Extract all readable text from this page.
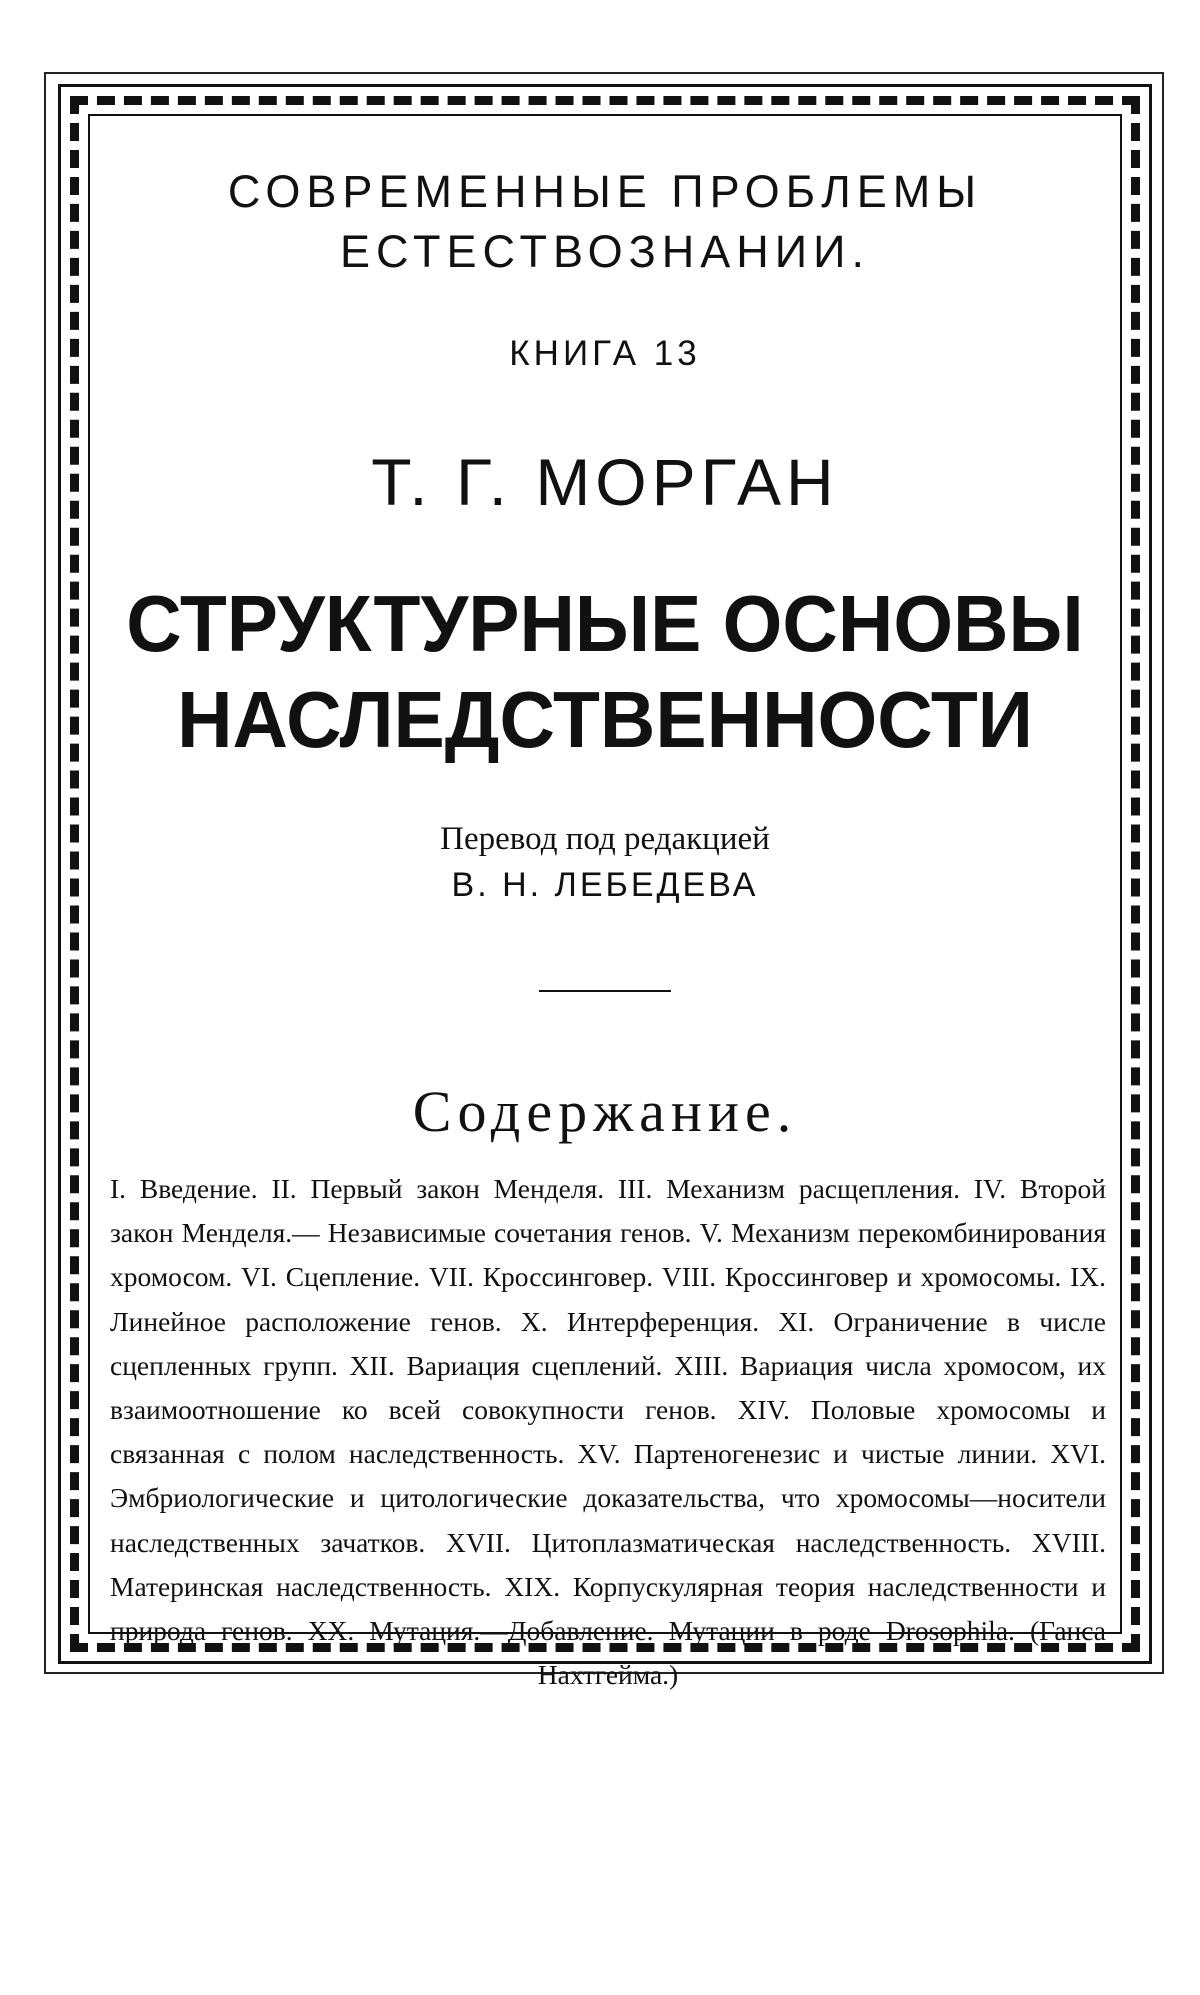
СОВРЕМЕННЫЕ ПРОБЛЕМЫ
ЕСТЕСТВОЗНАНИИ.
КНИГА 13
Т. Г. МОРГАН
СТРУКТУРНЫЕ ОСНОВЫ
НАСЛЕДСТВЕННОСТИ
Перевод под редакцией
В. Н. ЛЕБЕДЕВА
Содержание.
I. Введение. II. Первый закон Менделя. III. Механизм расщепления. IV. Второй закон Менделя.— Независимые сочетания генов. V. Механизм перекомбинирования хромосом. VI. Сцепление. VII. Кроссинговер. VIII. Кроссинговер и хромосомы. IX. Линейное расположение генов. X. Интерференция. XI. Ограничение в числе сцепленных групп. XII. Вариация сцеплений. XIII. Вариация числа хромосом, их взаимоотношение ко всей совокупности генов. XIV. Половые хромосомы и связанная с полом наследственность. XV. Партеногенезис и чистые линии. XVI. Эмбриологические и цитологические доказательства, что хромосомы—носители наследственных зачатков. XVII. Цитоплазматическая наследственность. XVIII. Материнская наследственность. XIX. Корпускулярная теория наследственности и природа генов. XX. Мутация.—Добавление. Мутации в роде Drosophila. (Ганса Нахтгейма.)
